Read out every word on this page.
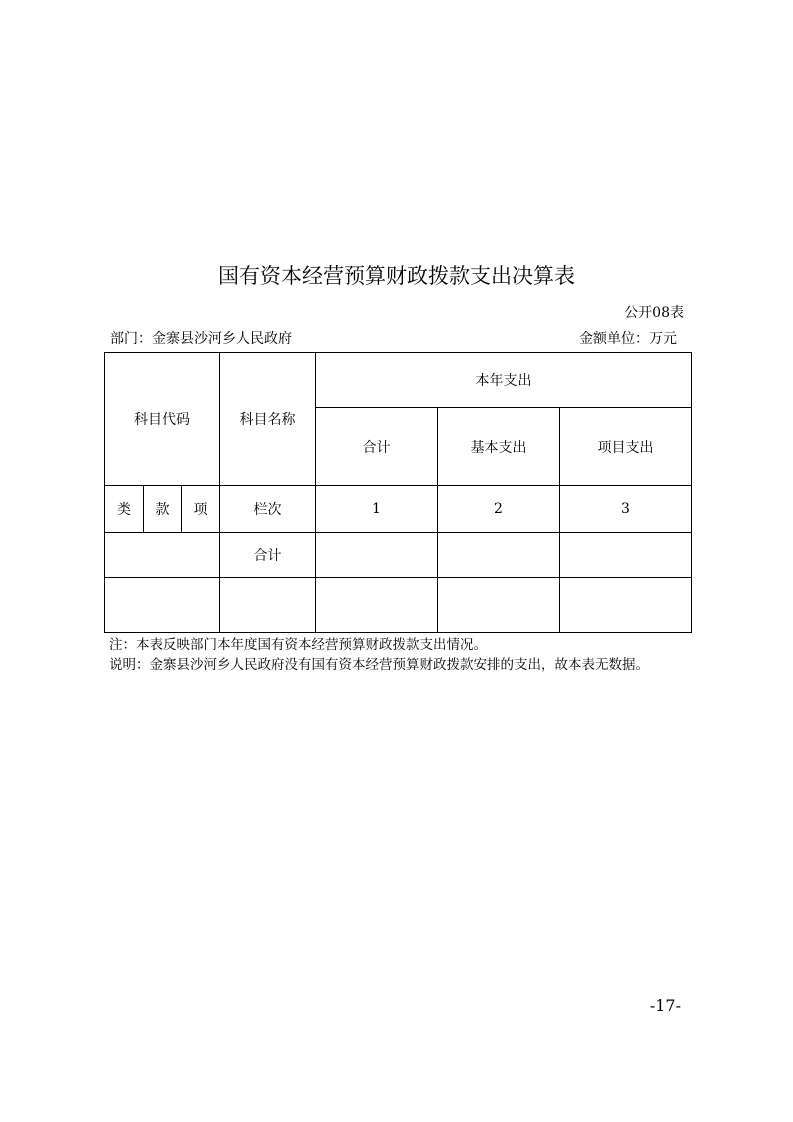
国有资本经营预算财政拨款支出决算表
公开08表
部门：金寨县沙河乡人民政府	金额单位：万元
科目代码			科目名称	本年支出		
				合计	基本支出	项目支出
类	款	项	栏次	1	2	3
			合计			

注：本表反映部门本年度国有资本经营预算财政拨款支出情况。
说明：金寨县沙河乡人民政府没有国有资本经营预算财政拨款安排的支出，故本表无数据。
-17-
